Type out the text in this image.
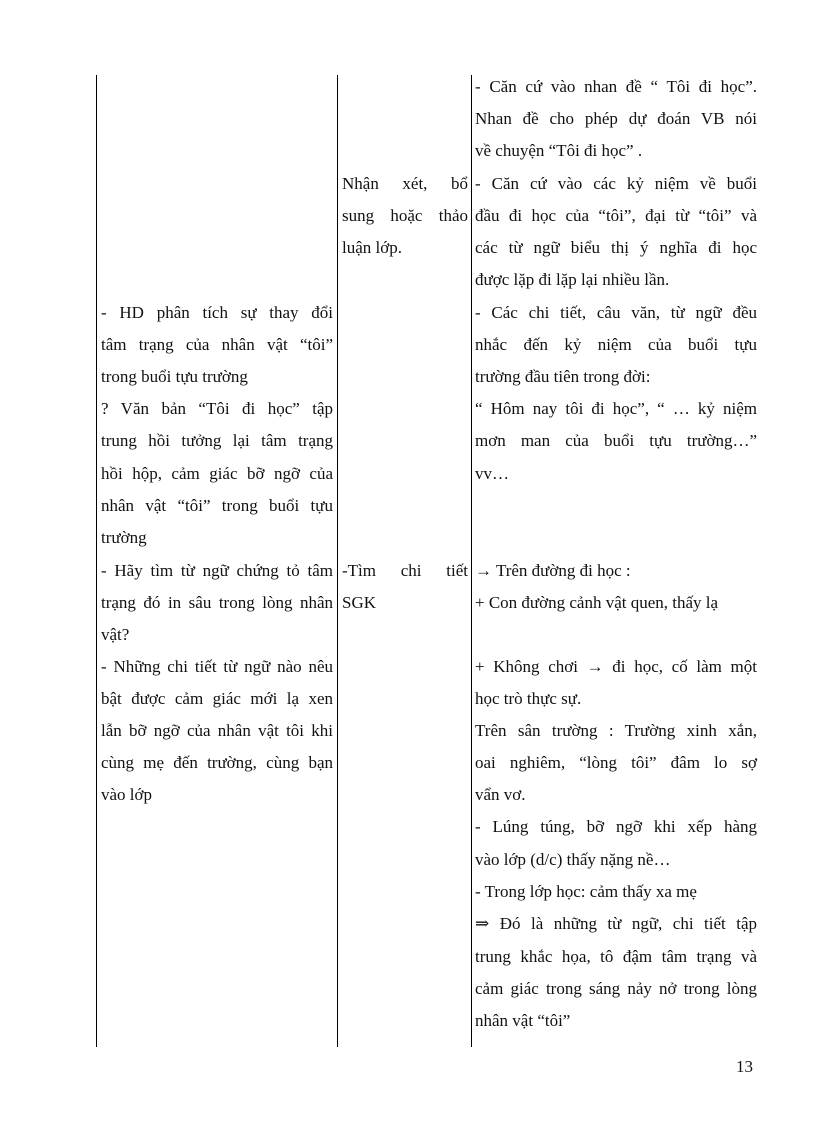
- HD phân tích sự thay đổi
tâm trạng của nhân vật “tôi”
trong buổi tựu trường
? Văn bản “Tôi đi học” tập
trung hồi tưởng lại tâm trạng
hồi hộp, cảm giác bỡ ngỡ của
nhân vật “tôi” trong buổi tựu
trường
- Hãy tìm từ ngữ chứng tỏ tâm
trạng đó in sâu trong lòng nhân
vật?
- Những chi tiết từ ngữ nào nêu
bật được cảm giác mới lạ xen
lẫn bỡ ngỡ của nhân vật tôi khi
cùng mẹ đến trường, cùng bạn
vào lớp
Nhận xét, bổ
sung hoặc thảo
luận lớp.
-Tìm chi tiết
SGK
- Căn cứ vào nhan đề “ Tôi đi học”.
Nhan đề cho phép dự đoán VB nói
về chuyện “Tôi đi học” .
- Căn cứ vào các kỷ niệm về buổi
đầu đi học của “tôi”, đại từ “tôi” và
các từ ngữ biểu thị ý nghĩa đi học
được lặp đi lặp lại nhiều lần.
- Các chi tiết, câu văn, từ ngữ đều
nhắc đến kỷ niệm của buổi tựu
trường đầu tiên trong đời:
“ Hôm nay tôi đi học”, “ … kỷ niệm
mơn man của buổi tựu trường…”
vv…
→ Trên đường đi học :
+ Con đường cảnh vật quen, thấy lạ
+ Không chơi → đi học, cố làm một
học trò thực sự.
Trên sân trường : Trường xinh xắn,
oai nghiêm, “lòng tôi” đâm lo sợ
vẩn vơ.
- Lúng túng, bỡ ngỡ khi xếp hàng
vào lớp (d/c) thấy nặng nề…
- Trong lớp học: cảm thấy xa mẹ
⇒ Đó là những từ ngữ, chi tiết tập
trung khắc họa, tô đậm tâm trạng và
cảm giác trong sáng nảy nở trong lòng
nhân vật “tôi”
13
